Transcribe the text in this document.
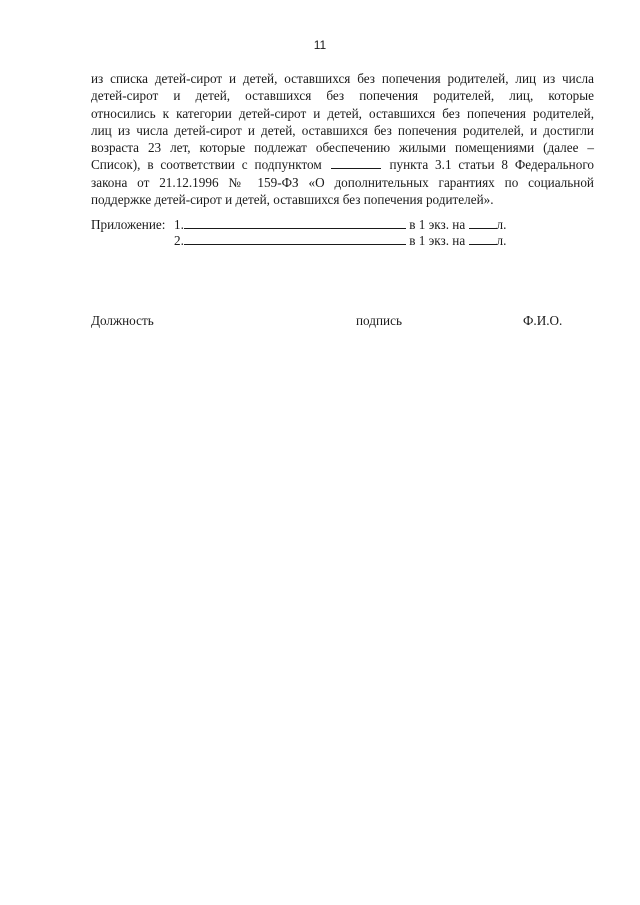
11
из списка детей-сирот и детей, оставшихся без попечения родителей, лиц из числа
детей-сирот и детей, оставшихся без попечения родителей, лиц, которые
относились к категории детей-сирот и детей, оставшихся без попечения родителей,
лиц из числа детей-сирот и детей, оставшихся без попечения родителей, и достигли
возраста 23 лет, которые подлежат обеспечению жилыми помещениями (далее –
Список), в соответствии с подпунктом	пункта 3.1 статьи 8 Федерального
закона от 21.12.1996 № 159-ФЗ «О дополнительных гарантиях по социальной
поддержке детей-сирот и детей, оставшихся без попечения родителей».
Приложение: 1.	в 1 экз. на л.
2.	в 1 экз. на л.
Должность	подпись	Ф.И.О.
